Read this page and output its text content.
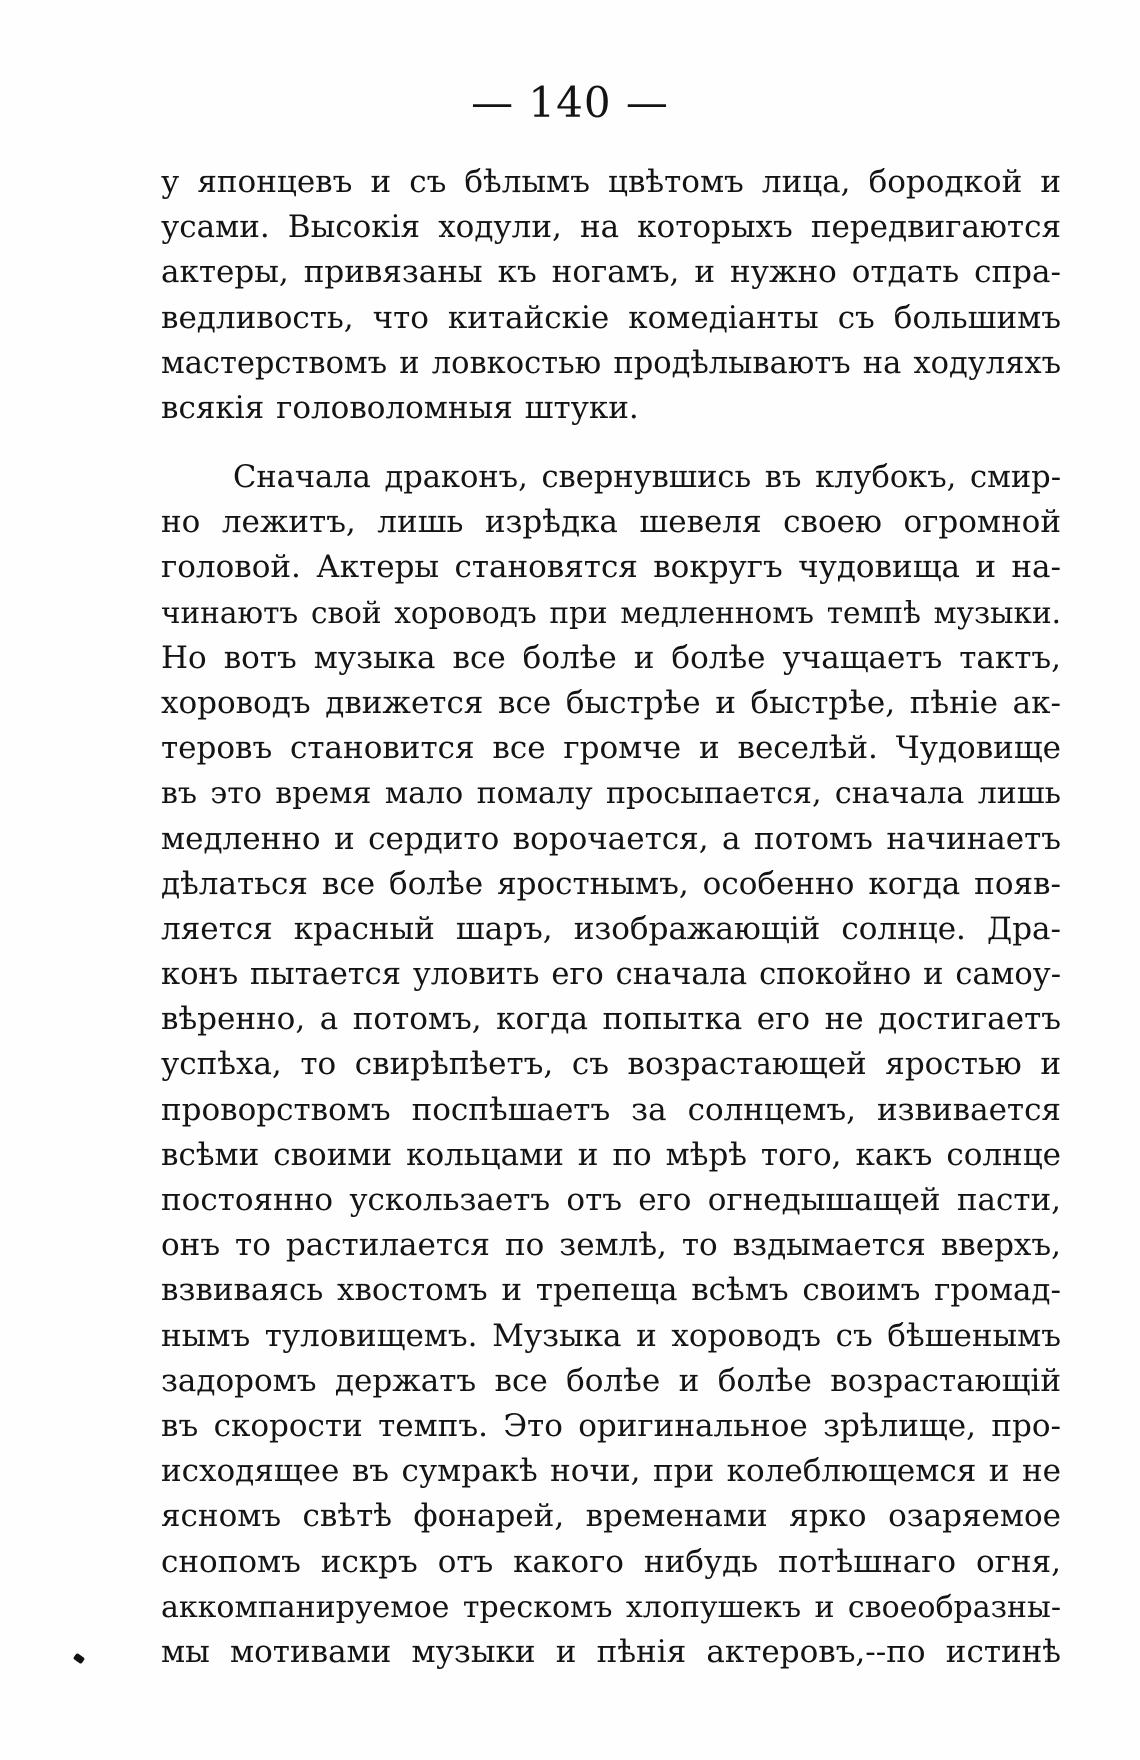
— 140 —
у японцевъ и съ бѣлымъ цвѣтомъ лица, бородкой и
усами. Высокія ходули, на которыхъ передвигаются
актеры, привязаны къ ногамъ, и нужно отдать спра-
ведливость, что китайскіе комедіанты съ большимъ
мастерствомъ и ловкостью продѣлываютъ на ходуляхъ
всякія головоломныя штуки.
Сначала драконъ, свернувшись въ клубокъ, смир-
но лежитъ, лишь изрѣдка шевеля своею огромной
головой. Актеры становятся вокругъ чудовища и на-
чинаютъ свой хороводъ при медленномъ темпѣ музыки.
Но вотъ музыка все болѣе и болѣе учащаетъ тактъ,
хороводъ движется все быстрѣе и быстрѣе, пѣніе ак-
теровъ становится все громче и веселѣй. Чудовище
въ это время мало помалу просыпается, сначала лишь
медленно и сердито ворочается, а потомъ начинаетъ
дѣлаться все болѣе яростнымъ, особенно когда появ-
ляется красный шаръ, изображающій солнце. Дра-
конъ пытается уловить его сначала спокойно и самоу-
вѣренно, а потомъ, когда попытка его не достигаетъ
успѣха, то свирѣпѣетъ, съ возрастающей яростью и
проворствомъ поспѣшаетъ за солнцемъ, извивается
всѣми своими кольцами и по мѣрѣ того, какъ солнце
постоянно ускользаетъ отъ его огнедышащей пасти,
онъ то растилается по землѣ, то вздымается вверхъ,
взвиваясь хвостомъ и трепеща всѣмъ своимъ громад-
нымъ туловищемъ. Музыка и хороводъ съ бѣшенымъ
задоромъ держатъ все болѣе и болѣе возрастающій
въ скорости темпъ. Это оригинальное зрѣлище, про-
исходящее въ сумракѣ ночи, при колеблющемся и не
ясномъ свѣтѣ фонарей, временами ярко озаряемое
снопомъ искръ отъ какого нибудь потѣшнаго огня,
аккомпанируемое трескомъ хлопушекъ и своеобразны-
мы мотивами музыки и пѣнія актеровъ,--по истинѣ
